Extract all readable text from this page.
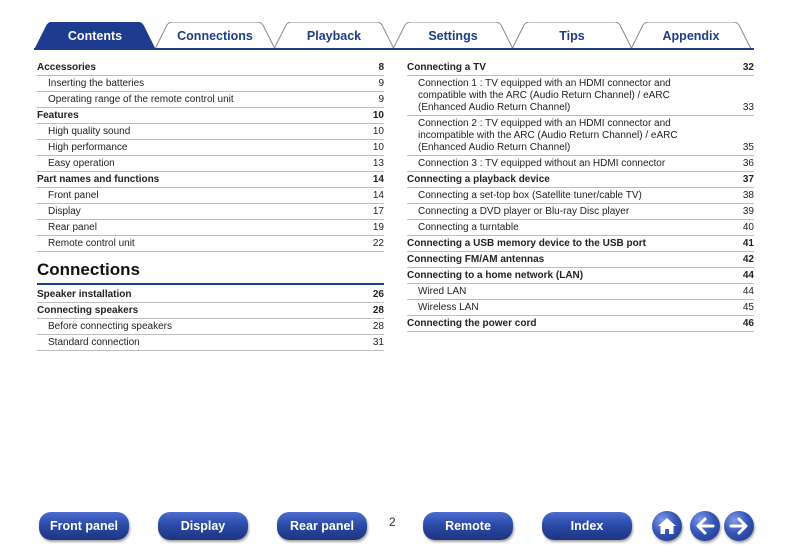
Contents	Connections	Playback	Settings	Tips	Appendix
Accessories	8
Inserting the batteries	9
Operating range of the remote control unit	9
Features	10
High quality sound	10
High performance	10
Easy operation	13
Part names and functions	14
Front panel	14
Display	17
Rear panel	19
Remote control unit	22
Connections
Speaker installation	26
Connecting speakers	28
Before connecting speakers	28
Standard connection	31
Connecting a TV	32
Connection 1 : TV equipped with an HDMI connector and compatible with the ARC (Audio Return Channel) / eARC (Enhanced Audio Return Channel)	33
Connection 2 : TV equipped with an HDMI connector and incompatible with the ARC (Audio Return Channel) / eARC (Enhanced Audio Return Channel)	35
Connection 3 : TV equipped without an HDMI connector	36
Connecting a playback device	37
Connecting a set-top box (Satellite tuner/cable TV)	38
Connecting a DVD player or Blu-ray Disc player	39
Connecting a turntable	40
Connecting a USB memory device to the USB port	41
Connecting FM/AM antennas	42
Connecting to a home network (LAN)	44
Wired LAN	44
Wireless LAN	45
Connecting the power cord	46
Front panel	Display	Rear panel	2	Remote	Index
